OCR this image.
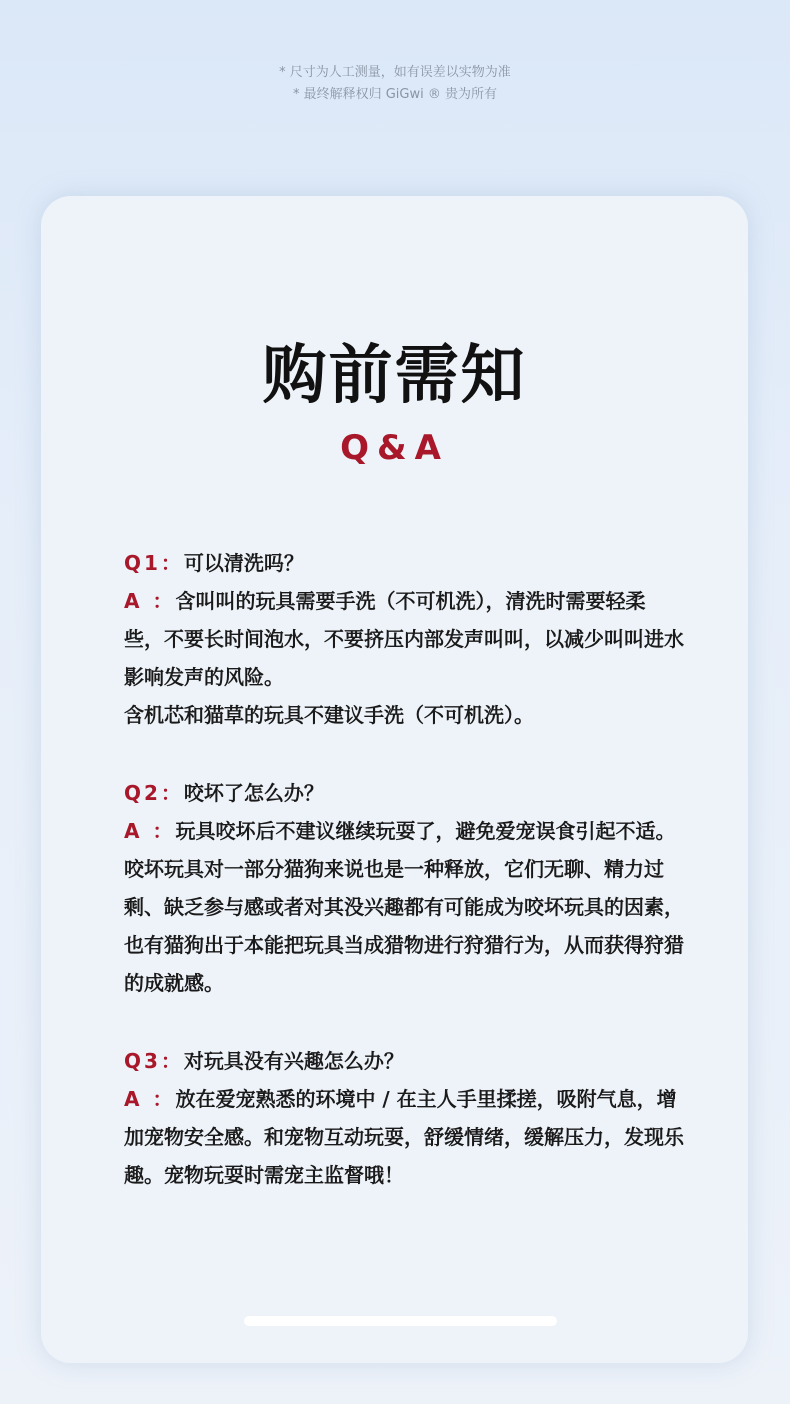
* 尺寸为人工测量，如有误差以实物为准
* 最终解释权归 GiGwi ® 贵为所有
购前需知
Q&A
Q1：可以清洗吗？
A ：含叫叫的玩具需要手洗（不可机洗），清洗时需要轻柔些，不要长时间泡水，不要挤压内部发声叫叫，以减少叫叫进水影响发声的风险。
含机芯和猫草的玩具不建议手洗（不可机洗）。
Q2：咬坏了怎么办？
A ：玩具咬坏后不建议继续玩耍了，避免爱宠误食引起不适。咬坏玩具对一部分猫狗来说也是一种释放，它们无聊、精力过剩、缺乏参与感或者对其没兴趣都有可能成为咬坏玩具的因素，也有猫狗出于本能把玩具当成猎物进行狩猎行为，从而获得狩猎的成就感。
Q3：对玩具没有兴趣怎么办？
A ：放在爱宠熟悉的环境中 / 在主人手里揉搓，吸附气息，增加宠物安全感。和宠物互动玩耍，舒缓情绪，缓解压力，发现乐趣。宠物玩耍时需宠主监督哦！
